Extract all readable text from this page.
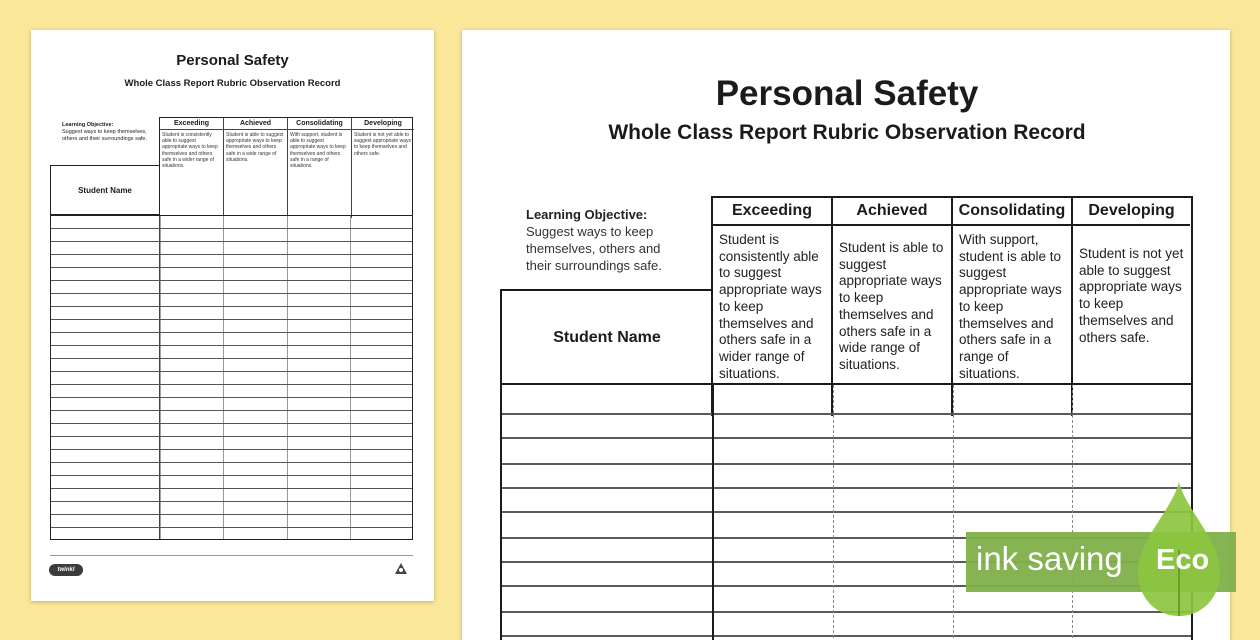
Personal Safety
Whole Class Report Rubric Observation Record
Learning Objective:
Suggest ways to keep themselves, others and their surroundings safe.
Exceeding
Student is consistently able to suggest appropriate ways to keep themselves and others safe in a wider range of situations.
Achieved
Student is able to suggest appropriate ways to keep themselves and others safe in a wide range of situations.
Consolidating
With support, student is able to suggest appropriate ways to keep themselves and others safe in a range of situations.
Developing
Student is not yet able to suggest appropriate ways to keep themselves and others safe.
Student Name
twinkl
Personal Safety
Whole Class Report Rubric Observation Record
Learning Objective:
Suggest ways to keep themselves, others and their surroundings safe.
Exceeding
Student is consistently able to suggest appropriate ways to keep themselves and others safe in a wider range of situations.
Achieved
Student is able to suggest appropriate ways to keep themselves and others safe in a wide range of situations.
Consolidating
With support, student is able to suggest appropriate ways to keep themselves and others safe in a range of situations.
Developing
Student is not yet able to suggest appropriate ways to keep themselves and others safe.
Student Name
ink saving Eco
